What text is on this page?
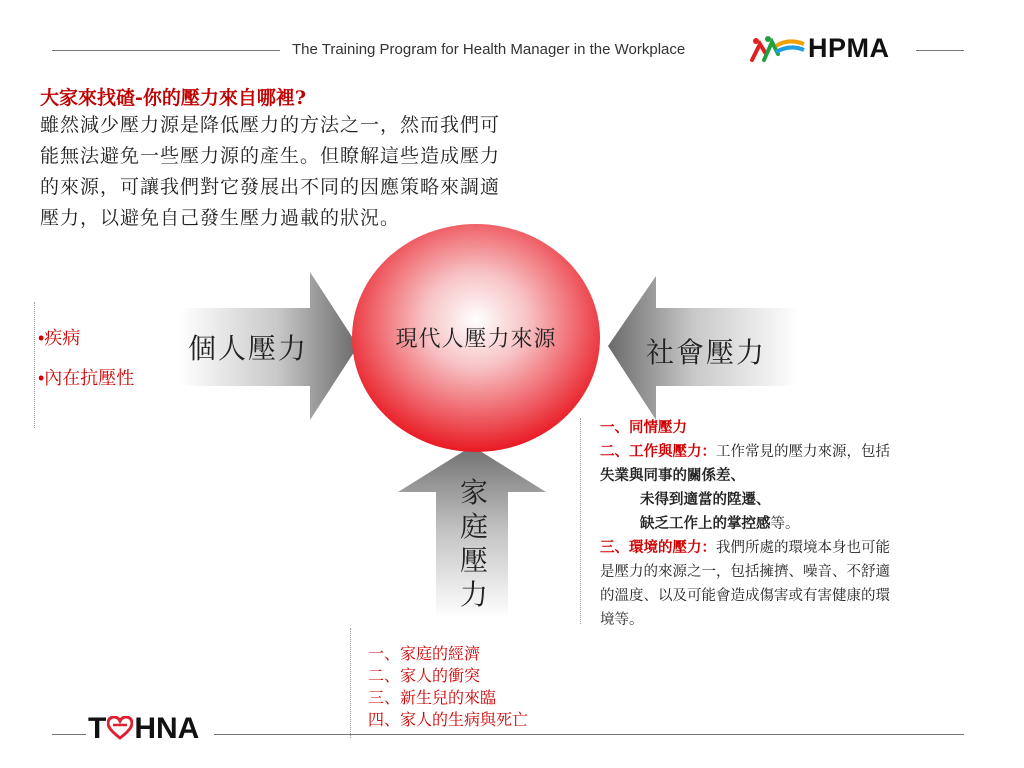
The Training Program for Health Manager in the Workplace	HPMA
大家來找碴-你的壓力來自哪裡?

雖然減少壓力源是降低壓力的方法之一，然而我們可

能無法避免一些壓力源的產生。但瞭解這些造成壓力

的來源，可讓我們對它發展出不同的因應策略來調適

壓力，以避免自己發生壓力過載的狀況。

現代人壓力來源
個人壓力	社會壓力
家
庭
壓
力
•疾病
•內在抗壓性
一、同情壓力
二、工作與壓力：工作常見的壓力來源，包括
失業與同事的關係差、
未得到適當的陞遷、
缺乏工作上的掌控感等。
三、環境的壓力：我們所處的環境本身也可能
是壓力的來源之一，包括擁擠、噪音、不舒適
的溫度、以及可能會造成傷害或有害健康的環
境等。
一、家庭的經濟
二、家人的衝突
三、新生兒的來臨
四、家人的生病與死亡
T HNA
